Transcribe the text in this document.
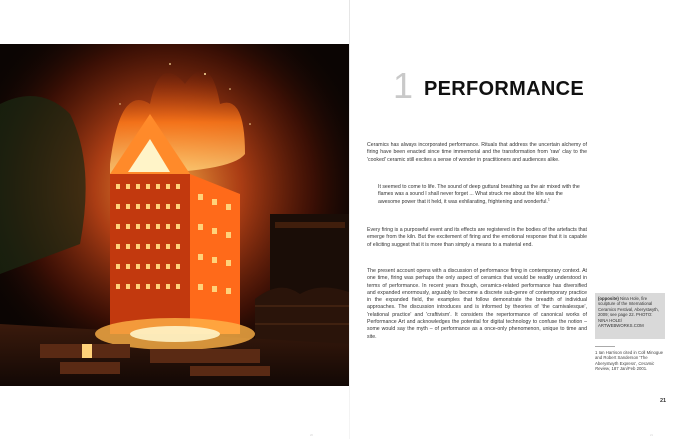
1 PERFORMANCE
Ceramics has always incorporated performance. Rituals that address the uncertain alchemy of firing have been enacted since time immemorial and the transformation from 'raw' clay to the 'cooked' ceramic still excites a sense of wonder in practitioners and audiences alike.
It seemed to come to life. The sound of deep guttural breathing as the air mixed with the flames was a sound I shall never forget ... What struck me about the kiln was the awesome power that it held, it was exhilarating, frightening and wonderful.$^1$
Every firing is a purposeful event and its effects are registered in the bodies of the artefacts that emerge from the kiln. But the excitement of firing and the emotional response that it is capable of eliciting suggest that it is more than simply a means to a material end.
The present account opens with a discussion of performance firing in contemporary context. At one time, firing was perhaps the only aspect of ceramics that would be readily understood in terms of performance. In recent years though, ceramics-related performance has diversified and expanded enormously, arguably to become a discrete sub-genre of contemporary practice in the expanded field, the examples that follow demonstrate the breadth of individual approaches. The discussion introduces and is informed by theories of 'the carnivalesque', 'relational practice' and 'craftivism'. It considers the repertormance of canonical works of Performance Art and acknowledges the potential for digital technology to confuse the notion – some would say the myth – of performance as a once-only phenomenon, unique to time and site.
(opposite) Nina Hole, fire sculpture of the International Ceramics Festival, Aberystwyth, 2009; see page 22. PHOTO: NINA HOLE/ ARTWEBWORKS.COM
1 Ian Harrison cited in Coll Minogue and Robert Sanderson 'The Aberystwyth Express', Ceramic Review, 187 Jan/Feb 2001.
21
20	21
